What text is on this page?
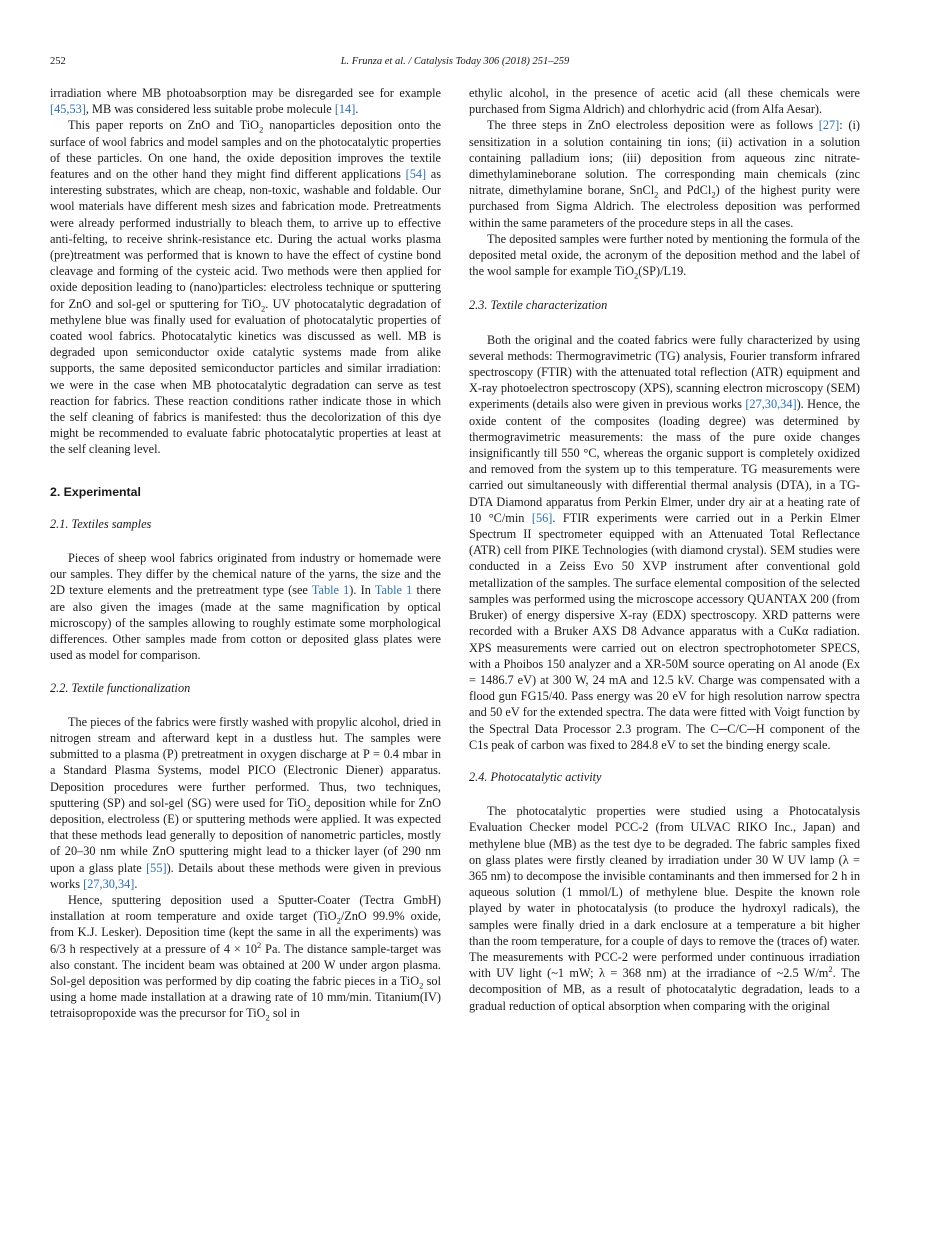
252	L. Frunza et al. / Catalysis Today 306 (2018) 251–259

irradiation where MB photoabsorption may be disregarded see for example [45,53], MB was considered less suitable probe molecule [14].

This paper reports on ZnO and TiO$_2$ nanoparticles deposition onto the surface of wool fabrics and model samples and on the photocatalytic properties of these particles. On one hand, the oxide deposition improves the textile features and on the other hand they might find different applications [54] as interesting substrates, which are cheap, non-toxic, washable and foldable. Our wool materials have different mesh sizes and fabrication mode. Pretreatments were already performed industrially to bleach them, to arrive up to effective anti-felting, to receive shrink-resistance etc. During the actual works plasma (pre)treatment was performed that is known to have the effect of cystine bond cleavage and forming of the cysteic acid. Two methods were then applied for oxide deposition leading to (nano)particles: electroless technique or sputtering for ZnO and sol-gel or sputtering for TiO$_2$. UV photocatalytic degradation of methylene blue was finally used for evaluation of photocatalytic properties of coated wool fabrics. Photocatalytic kinetics was discussed as well. MB is degraded upon semiconductor oxide catalytic systems made from alike supports, the same deposited semiconductor particles and similar irradiation: we were in the case when MB photocatalytic degradation can serve as test reaction for fabrics. These reaction conditions rather indicate those in which the self cleaning of fabrics is manifested: thus the decolorization of this dye might be recommended to evaluate fabric photocatalytic properties at least at the self cleaning level.

2. Experimental
2.1. Textiles samples

Pieces of sheep wool fabrics originated from industry or homemade were our samples. They differ by the chemical nature of the yarns, the size and the 2D texture elements and the pretreatment type (see Table 1). In Table 1 there are also given the images (made at the same magnification by optical microscopy) of the samples allowing to roughly estimate some morphological differences. Other samples made from cotton or deposited glass plates were used as model for comparison.

2.2. Textile functionalization

The pieces of the fabrics were firstly washed with propylic alcohol, dried in nitrogen stream and afterward kept in a dustless hut. The samples were submitted to a plasma (P) pretreatment in oxygen discharge at P = 0.4 mbar in a Standard Plasma Systems, model PICO (Electronic Diener) apparatus. Deposition procedures were further performed. Thus, two techniques, sputtering (SP) and sol-gel (SG) were used for TiO$_2$ deposition while for ZnO deposition, electroless (E) or sputtering methods were applied. It was expected that these methods lead generally to deposition of nanometric particles, mostly of 20–30 nm while ZnO sputtering might lead to a thicker layer (of 290 nm upon a glass plate [55]). Details about these methods were given in previous works [27,30,34].

Hence, sputtering deposition used a Sputter-Coater (Tectra GmbH) installation at room temperature and oxide target (TiO$_2$/ZnO 99.9% oxide, from K.J. Lesker). Deposition time (kept the same in all the experiments) was 6/3 h respectively at a pressure of $4 \times 10^2$ Pa. The distance sample-target was also constant. The incident beam was obtained at 200 W under argon plasma. Sol-gel deposition was performed by dip coating the fabric pieces in a TiO$_2$ sol using a home made installation at a drawing rate of 10 mm/min. Titanium(IV) tetraisopropoxide was the precursor for TiO$_2$ sol in

ethylic alcohol, in the presence of acetic acid (all these chemicals were purchased from Sigma Aldrich) and chlorhydric acid (from Alfa Aesar).

The three steps in ZnO electroless deposition were as follows [27]: (i) sensitization in a solution containing tin ions; (ii) activation in a solution containing palladium ions; (iii) deposition from aqueous zinc nitrate-dimethylamineborane solution. The corresponding main chemicals (zinc nitrate, dimethylamine borane, SnCl$_2$ and PdCl$_2$) of the highest purity were purchased from Sigma Aldrich. The electroless deposition was performed within the same parameters of the procedure steps in all the cases.

The deposited samples were further noted by mentioning the formula of the deposited metal oxide, the acronym of the deposition method and the label of the wool sample for example TiO$_2$(SP)/L19.

2.3. Textile characterization

Both the original and the coated fabrics were fully characterized by using several methods: Thermogravimetric (TG) analysis, Fourier transform infrared spectroscopy (FTIR) with the attenuated total reflection (ATR) equipment and X-ray photoelectron spectroscopy (XPS), scanning electron microscopy (SEM) experiments (details also were given in previous works [27,30,34]). Hence, the oxide content of the composites (loading degree) was determined by thermogravimetric measurements: the mass of the pure oxide changes insignificantly till 550 °C, whereas the organic support is completely oxidized and removed from the system up to this temperature. TG measurements were carried out simultaneously with differential thermal analysis (DTA), in a TG-DTA Diamond apparatus from Perkin Elmer, under dry air at a heating rate of 10 °C/min [56]. FTIR experiments were carried out in a Perkin Elmer Spectrum II spectrometer equipped with an Attenuated Total Reflectance (ATR) cell from PIKE Technologies (with diamond crystal). SEM studies were conducted in a Zeiss Evo 50 XVP instrument after conventional gold metallization of the samples. The surface elemental composition of the selected samples was performed using the microscope accessory QUANTAX 200 (from Bruker) of energy dispersive X-ray (EDX) spectroscopy. XRD patterns were recorded with a Bruker AXS D8 Advance apparatus with a CuKα radiation. XPS measurements were carried out on electron spectrophotometer SPECS, with a Phoibos 150 analyzer and a XR-50M source operating on Al anode (Ex = 1486.7 eV) at 300 W, 24 mA and 12.5 kV. Charge was compensated with a flood gun FG15/40. Pass energy was 20 eV for high resolution narrow spectra and 50 eV for the extended spectra. The data were fitted with Voigt function by the Spectral Data Processor 2.3 program. The C─C/C─H component of the C1s peak of carbon was fixed to 284.8 eV to set the binding energy scale.

2.4. Photocatalytic activity

The photocatalytic properties were studied using a Photocatalysis Evaluation Checker model PCC-2 (from ULVAC RIKO Inc., Japan) and methylene blue (MB) as the test dye to be degraded. The fabric samples fixed on glass plates were firstly cleaned by irradiation under 30 W UV lamp (λ = 365 nm) to decompose the invisible contaminants and then immersed for 2 h in aqueous solution (1 mmol/L) of methylene blue. Despite the known role played by water in photocatalysis (to produce the hydroxyl radicals), the samples were finally dried in a dark enclosure at a temperature a bit higher than the room temperature, for a couple of days to remove the (traces of) water. The measurements with PCC-2 were performed under continuous irradiation with UV light (~1 mW; λ = 368 nm) at the irradiance of ~2.5 $W/m^2$. The decomposition of MB, as a result of photocatalytic degradation, leads to a gradual reduction of optical absorption when comparing with the original
